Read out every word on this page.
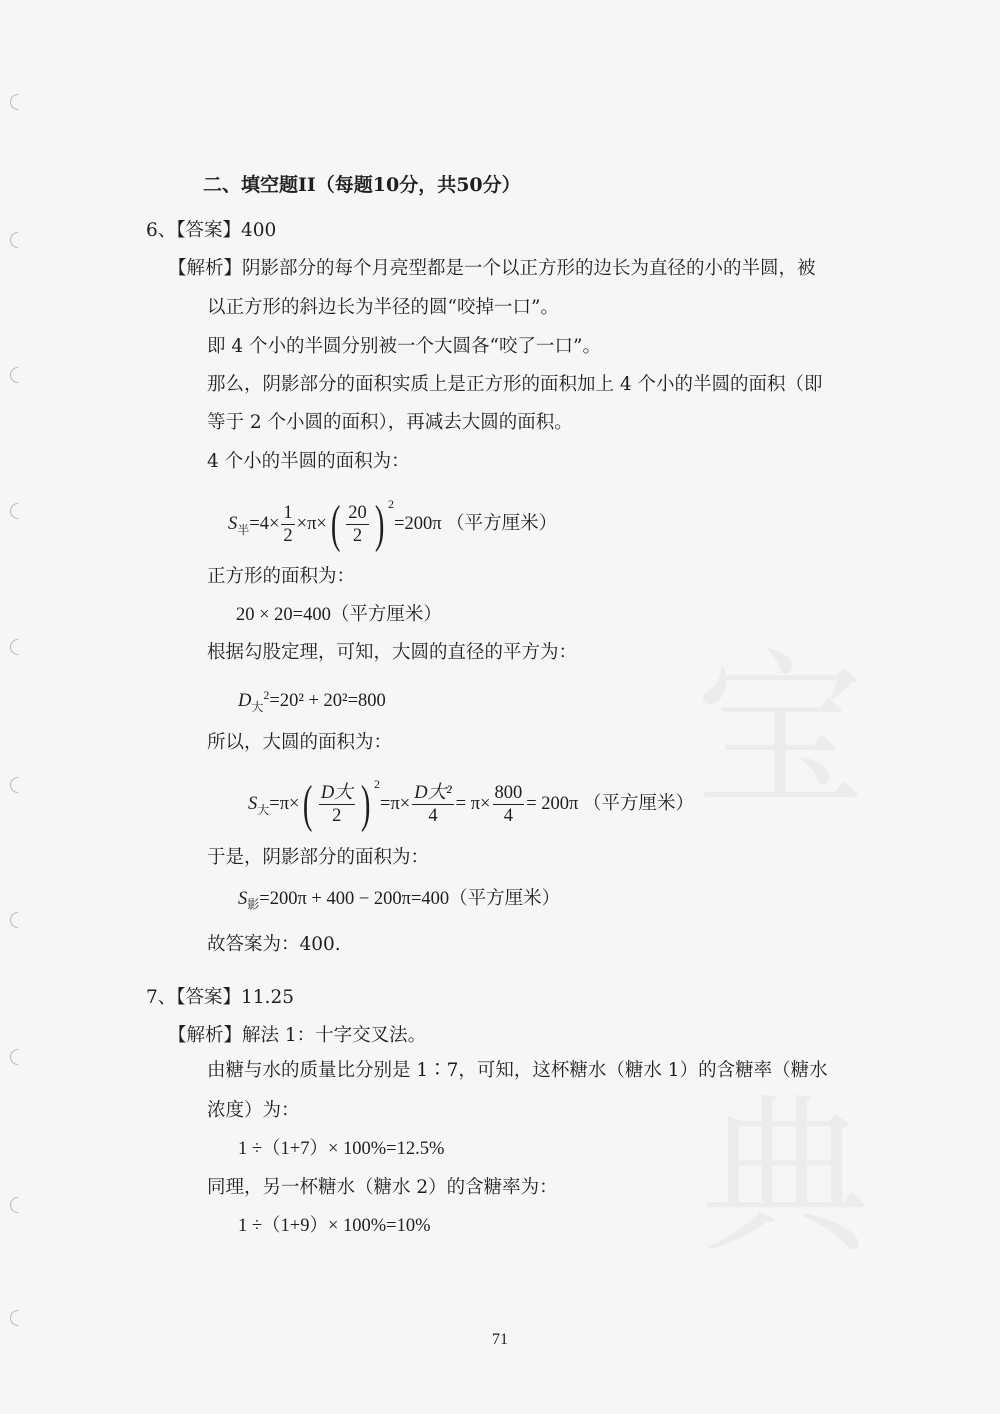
宝
典
二、填空题II（每题10分，共50分）
6、【答案】400
【解析】阴影部分的每个月亮型都是一个以正方形的边长为直径的小的半圆，被
以正方形的斜边长为半径的圆“咬掉一口”。
即 4 个小的半圆分别被一个大圆各“咬了一口”。
那么，阴影部分的面积实质上是正方形的面积加上 4 个小的半圆的面积（即
等于 2 个小圆的面积），再减去大圆的面积。
4 个小的半圆的面积为：
$S_半=4\times \frac{1}{2} \times\pi\times( \frac{20}{2}$ ) $^2$=200π （平方厘米）
正方形的面积为：
20 × 20=400（平方厘米）
根据勾股定理，可知，大圆的直径的平方为：
$D_大^2=20^2 + 20^2=800$
所以，大圆的面积为：
$S_大=\pi\times( \frac{\text{D大}}{2}$ ) $^2=\pi\times \frac{\text{D大²}}{4} = \pi\times \frac{800}{4} = 200\pi$ （平方厘米）
于是，阴影部分的面积为：
$S_影=200\pi + 400 - 200\pi=400$（平方厘米）
故答案为：400.
7、【答案】11.25
【解析】解法 1：十字交叉法。
由糖与水的质量比分别是 1∶7，可知，这杯糖水（糖水 1）的含糖率（糖水
浓度）为：
1 ÷（1+7）× 100%=12.5%
同理，另一杯糖水（糖水 2）的含糖率为：
1 ÷（1+9）× 100%=10%
71
